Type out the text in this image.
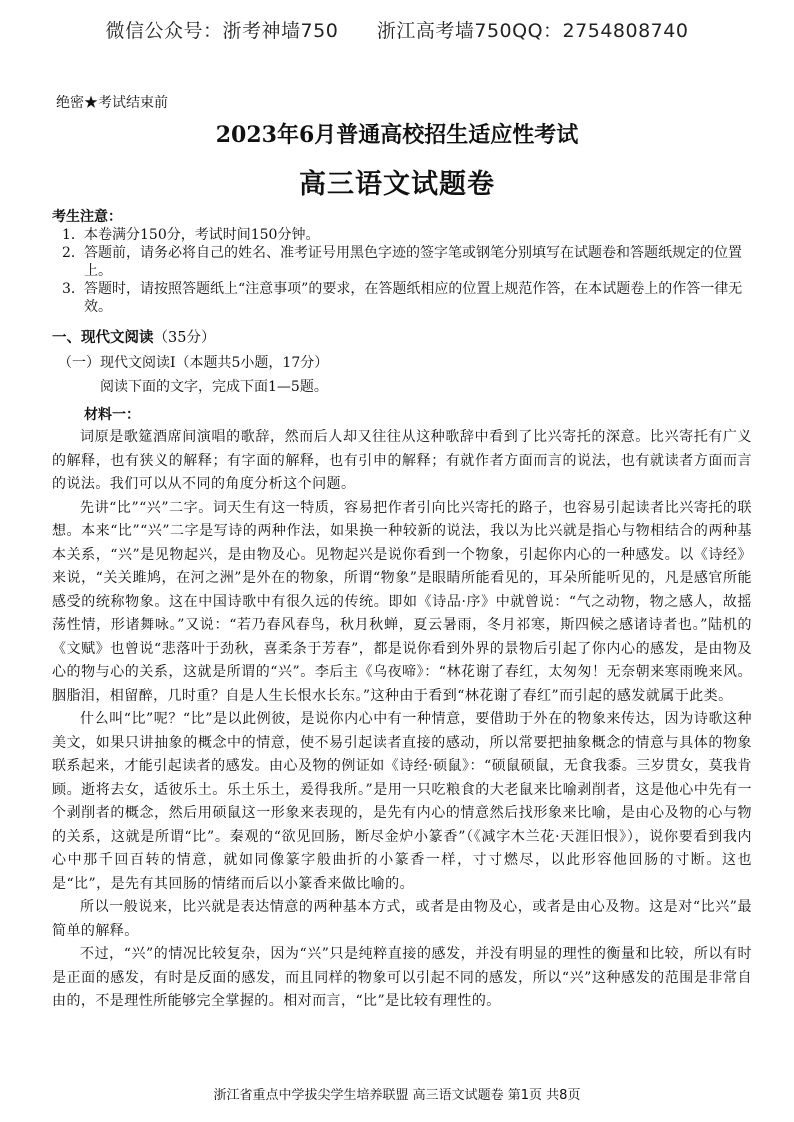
微信公众号：浙考神墙750 浙江高考墙750QQ：2754808740
绝密★考试结束前
2023年6月普通高校招生适应性考试
高三语文试题卷
考生注意：
1． 本卷满分150分，考试时间150分钟。
2． 答题前，请务必将自己的姓名、准考证号用黑色字迹的签字笔或钢笔分别填写在试题卷和答题纸规定的位置上。
3． 答题时，请按照答题纸上“注意事项”的要求，在答题纸相应的位置上规范作答，在本试题卷上的作答一律无效。
一、现代文阅读（35分）
（一）现代文阅读Ⅰ（本题共5小题，17分）
阅读下面的文字，完成下面1—5题。
材料一：

词原是歌筵酒席间演唱的歌辞，然而后人却又往往从这种歌辞中看到了比兴寄托的深意。比兴寄托有广义的解释，也有狭义的解释；有字面的解释，也有引申的解释；有就作者方面而言的说法，也有就读者方面而言的说法。我们可以从不同的角度分析这个问题。

先讲“比”“兴”二字。词天生有这一特质，容易把作者引向比兴寄托的路子，也容易引起读者比兴寄托的联想。本来“比”“兴”二字是写诗的两种作法，如果换一种较新的说法，我以为比兴就是指心与物相结合的两种基本关系，“兴”是见物起兴，是由物及心。见物起兴是说你看到一个物象，引起你内心的一种感发。以《诗经》来说，“关关雎鸠，在河之洲”是外在的物象，所谓“物象”是眼睛所能看见的，耳朵所能听见的，凡是感官所能感受的统称物象。这在中国诗歌中有很久远的传统。即如《诗品·序》中就曾说：“气之动物，物之感人，故摇荡性情，形诸舞咏。”又说：“若乃春风春鸟，秋月秋蝉，夏云暑雨，冬月祁寒，斯四候之感诸诗者也。”陆机的《文赋》也曾说“悲落叶于劲秋，喜柔条于芳春”，都是说你看到外界的景物后引起了你内心的感发，是由物及心的物与心的关系，这就是所谓的“兴”。李后主《乌夜啼》：“林花谢了春红，太匆匆！无奈朝来寒雨晚来风。胭脂泪，相留醉，几时重？自是人生长恨水长东。”这种由于看到“林花谢了春红”而引起的感发就属于此类。

什么叫“比”呢？“比”是以此例彼，是说你内心中有一种情意，要借助于外在的物象来传达，因为诗歌这种美文，如果只讲抽象的概念中的情意，使不易引起读者直接的感动，所以常要把抽象概念的情意与具体的物象联系起来，才能引起读者的感发。由心及物的例证如《诗经·硕鼠》：“硕鼠硕鼠，无食我黍。三岁贯女，莫我肯顾。逝将去女，适彼乐土。乐土乐土，爰得我所。”是用一只吃粮食的大老鼠来比喻剥削者，这是他心中先有一个剥削者的概念，然后用硕鼠这一形象来表现的，是先有内心的情意然后找形象来比喻，是由心及物的心与物的关系，这就是所谓“比”。秦观的“欲见回肠，断尽金炉小篆香”（《减字木兰花·天涯旧恨》），说你要看到我内心中那千回百转的情意，就如同像篆字般曲折的小篆香一样，寸寸燃尽，以此形容他回肠的寸断。这也是“比”，是先有其回肠的情绪而后以小篆香来做比喻的。

所以一般说来，比兴就是表达情意的两种基本方式，或者是由物及心，或者是由心及物。这是对“比兴”最简单的解释。

不过，“兴”的情况比较复杂，因为“兴”只是纯粹直接的感发，并没有明显的理性的衡量和比较，所以有时是正面的感发，有时是反面的感发，而且同样的物象可以引起不同的感发，所以“兴”这种感发的范围是非常自由的，不是理性所能够完全掌握的。相对而言，“比”是比较有理性的。

浙江省重点中学拔尖学生培养联盟 高三语文试题卷 第1页 共8页
